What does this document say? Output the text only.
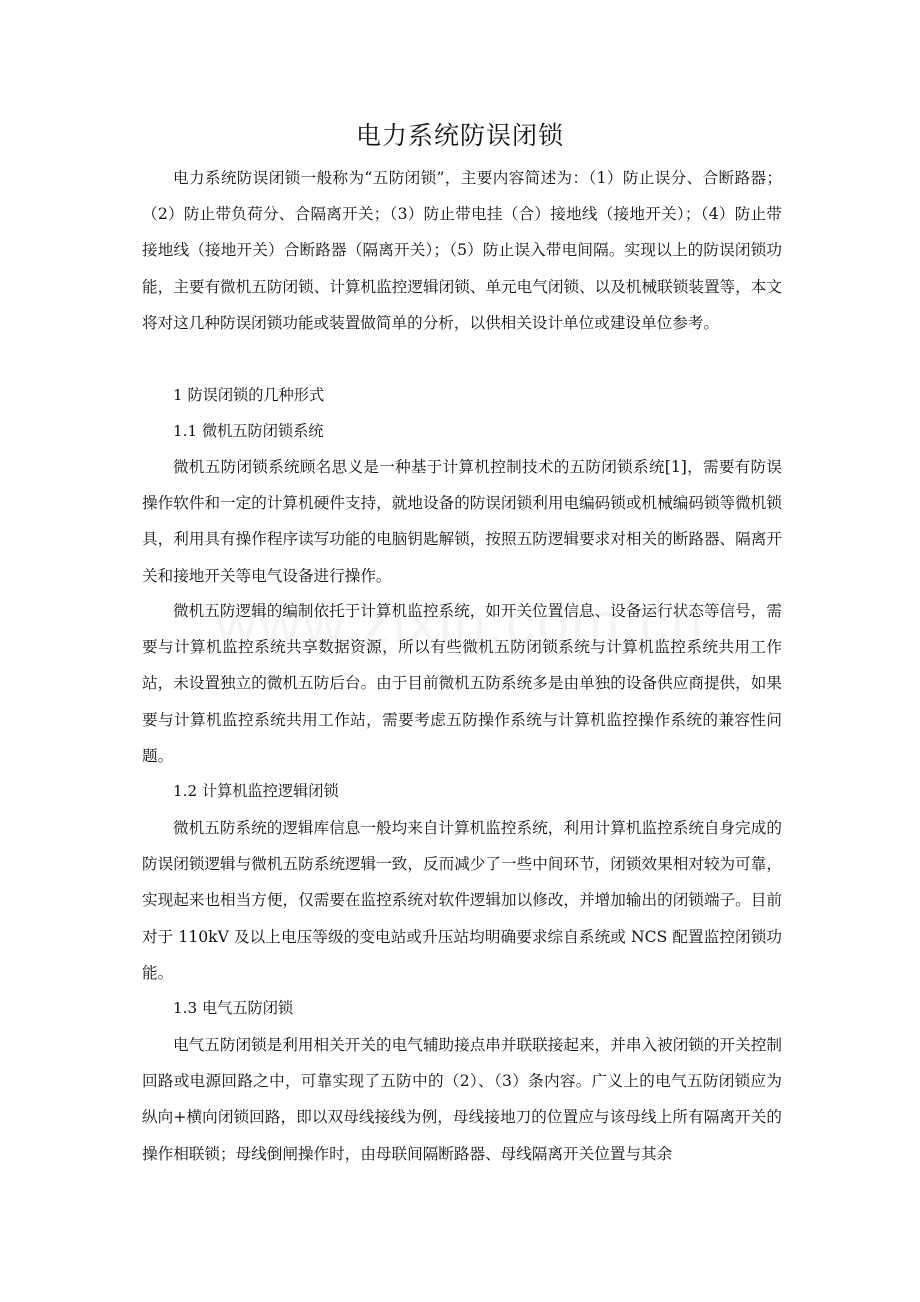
电力系统防误闭锁
电力系统防误闭锁一般称为“五防闭锁”，主要内容简述为：（1）防止误分、合断路器；（2）防止带负荷分、合隔离开关；（3）防止带电挂（合）接地线（接地开关）；（4）防止带接地线（接地开关）合断路器（隔离开关）；（5）防止误入带电间隔。实现以上的防误闭锁功能，主要有微机五防闭锁、计算机监控逻辑闭锁、单元电气闭锁、以及机械联锁装置等，本文将对这几种防误闭锁功能或装置做简单的分析，以供相关设计单位或建设单位参考。
1 防误闭锁的几种形式
1.1 微机五防闭锁系统
微机五防闭锁系统顾名思义是一种基于计算机控制技术的五防闭锁系统[1]，需要有防误操作软件和一定的计算机硬件支持，就地设备的防误闭锁利用电编码锁或机械编码锁等微机锁具，利用具有操作程序读写功能的电脑钥匙解锁，按照五防逻辑要求对相关的断路器、隔离开关和接地开关等电气设备进行操作。
微机五防逻辑的编制依托于计算机监控系统，如开关位置信息、设备运行状态等信号，需要与计算机监控系统共享数据资源，所以有些微机五防闭锁系统与计算机监控系统共用工作站，未设置独立的微机五防后台。由于目前微机五防系统多是由单独的设备供应商提供，如果要与计算机监控系统共用工作站，需要考虑五防操作系统与计算机监控操作系统的兼容性问题。
1.2 计算机监控逻辑闭锁
微机五防系统的逻辑库信息一般均来自计算机监控系统，利用计算机监控系统自身完成的防误闭锁逻辑与微机五防系统逻辑一致，反而减少了一些中间环节，闭锁效果相对较为可靠，实现起来也相当方便，仅需要在监控系统对软件逻辑加以修改，并增加输出的闭锁端子。目前对于 110kV 及以上电压等级的变电站或升压站均明确要求综自系统或 NCS 配置监控闭锁功能。
1.3 电气五防闭锁
电气五防闭锁是利用相关开关的电气辅助接点串并联联接起来，并串入被闭锁的开关控制回路或电源回路之中，可靠实现了五防中的（2）、（3）条内容。广义上的电气五防闭锁应为纵向+横向闭锁回路，即以双母线接线为例，母线接地刀的位置应与该母线上所有隔离开关的操作相联锁；母线倒闸操作时，由母联间隔断路器、母线隔离开关位置与其余
